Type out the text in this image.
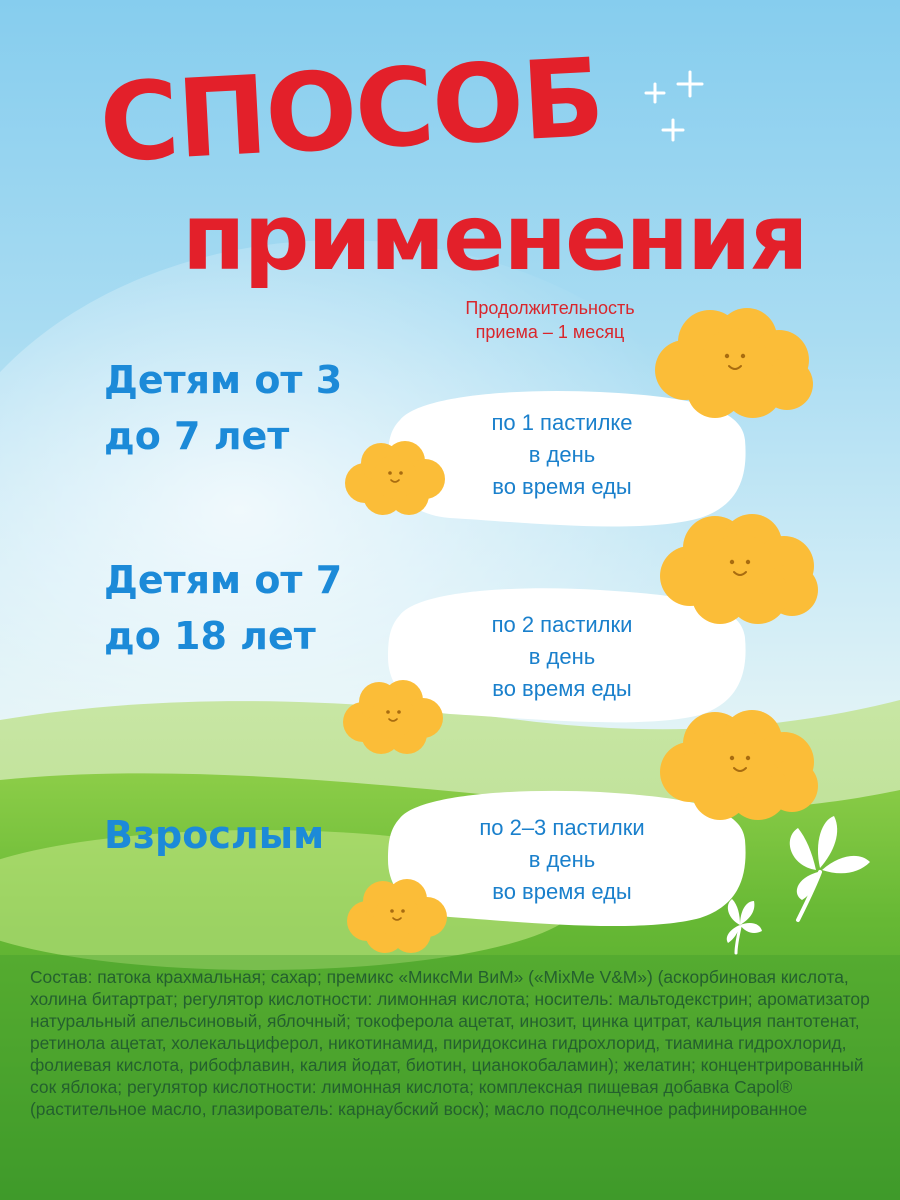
СПОСОБ
применения

Продолжительность
приема – 1 месяц

Детям от 3
до 7 лет	по 1 пастилке
в день
во время еды

Детям от 7
до 18 лет	по 2 пастилки
в день
во время еды

Взрослым	по 2–3 пастилки
в день
во время еды

Состав: патока крахмальная; сахар; премикс «МиксМи ВиМ» («MixMe V&M») (аскорбиновая кислота, холина битартрат; регулятор кислотности: лимонная кислота; носитель: мальтодекстрин; ароматизатор натуральный апельсиновый, яблочный; токоферола ацетат, инозит, цинка цитрат, кальция пантотенат, ретинола ацетат, холекальциферол, никотинамид, пиридоксина гидрохлорид, тиамина гидрохлорид, фолиевая кислота, рибофлавин, калия йодат, биотин, цианокобаламин); желатин; концентрированный сок яблока; регулятор кислотности: лимонная кислота; комплексная пищевая добавка Capol® (растительное масло, глазирователь: карнаубский воск); масло подсолнечное рафинированное
